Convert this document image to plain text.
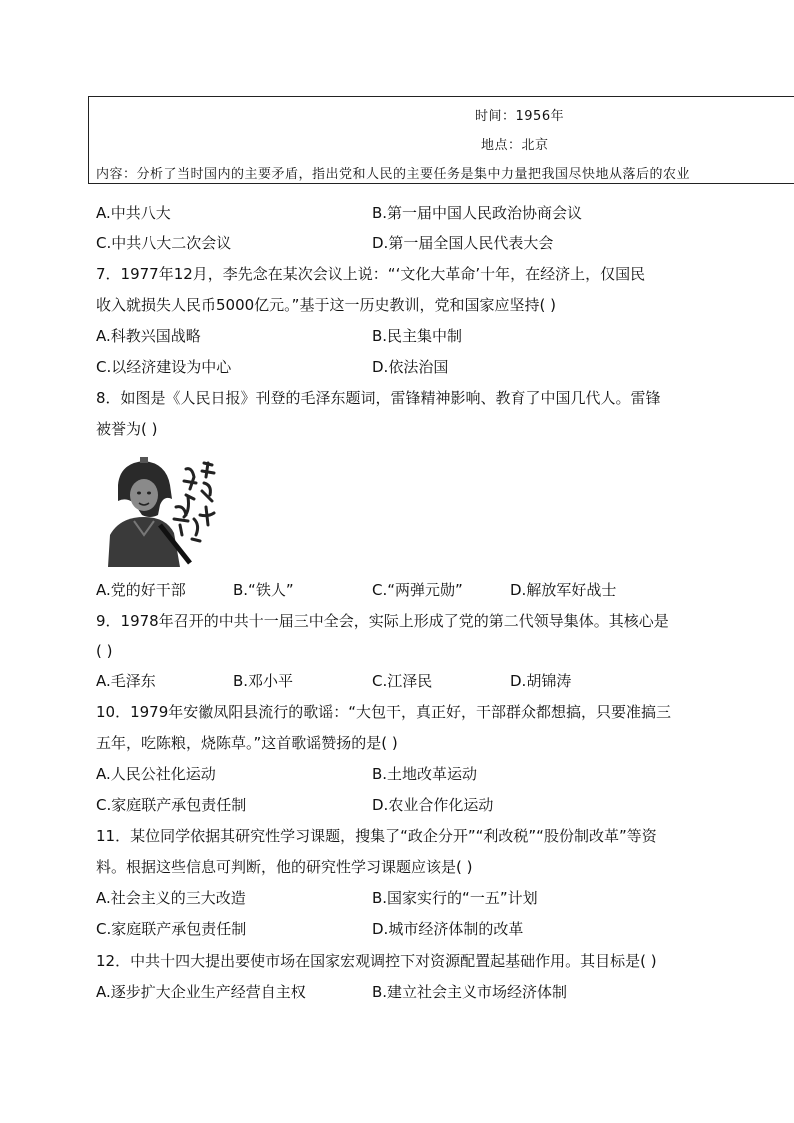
时间：1956年
地点：北京
内容：分析了当时国内的主要矛盾，指出党和人民的主要任务是集中力量把我国尽快地从落后的农业
A.中共八大	B.第一届中国人民政治协商会议
C.中共八大二次会议	D.第一届全国人民代表大会
7．1977年12月，李先念在某次会议上说：“‘文化大革命’十年，在经济上，仅国民
收入就损失人民币5000亿元。”基于这一历史教训，党和国家应坚持( )
A.科教兴国战略	B.民主集中制
C.以经济建设为中心	D.依法治国
8．如图是《人民日报》刊登的毛泽东题词，雷锋精神影响、教育了中国几代人。雷锋
被誉为( )
A.党的好干部	B.“铁人”	C.“两弹元勋”	D.解放军好战士
9．1978年召开的中共十一届三中全会，实际上形成了党的第二代领导集体。其核心是
( )
A.毛泽东	B.邓小平	C.江泽民	D.胡锦涛
10．1979年安徽凤阳县流行的歌谣：“大包干，真正好，干部群众都想搞，只要准搞三
五年，吃陈粮，烧陈草。”这首歌谣赞扬的是( )
A.人民公社化运动	B.土地改革运动
C.家庭联产承包责任制	D.农业合作化运动
11．某位同学依据其研究性学习课题，搜集了“政企分开”“利改税”“股份制改革”等资
料。根据这些信息可判断，他的研究性学习课题应该是( )
A.社会主义的三大改造	B.国家实行的“一五”计划
C.家庭联产承包责任制	D.城市经济体制的改革
12．中共十四大提出要使市场在国家宏观调控下对资源配置起基础作用。其目标是( )
A.逐步扩大企业生产经营自主权	B.建立社会主义市场经济体制
